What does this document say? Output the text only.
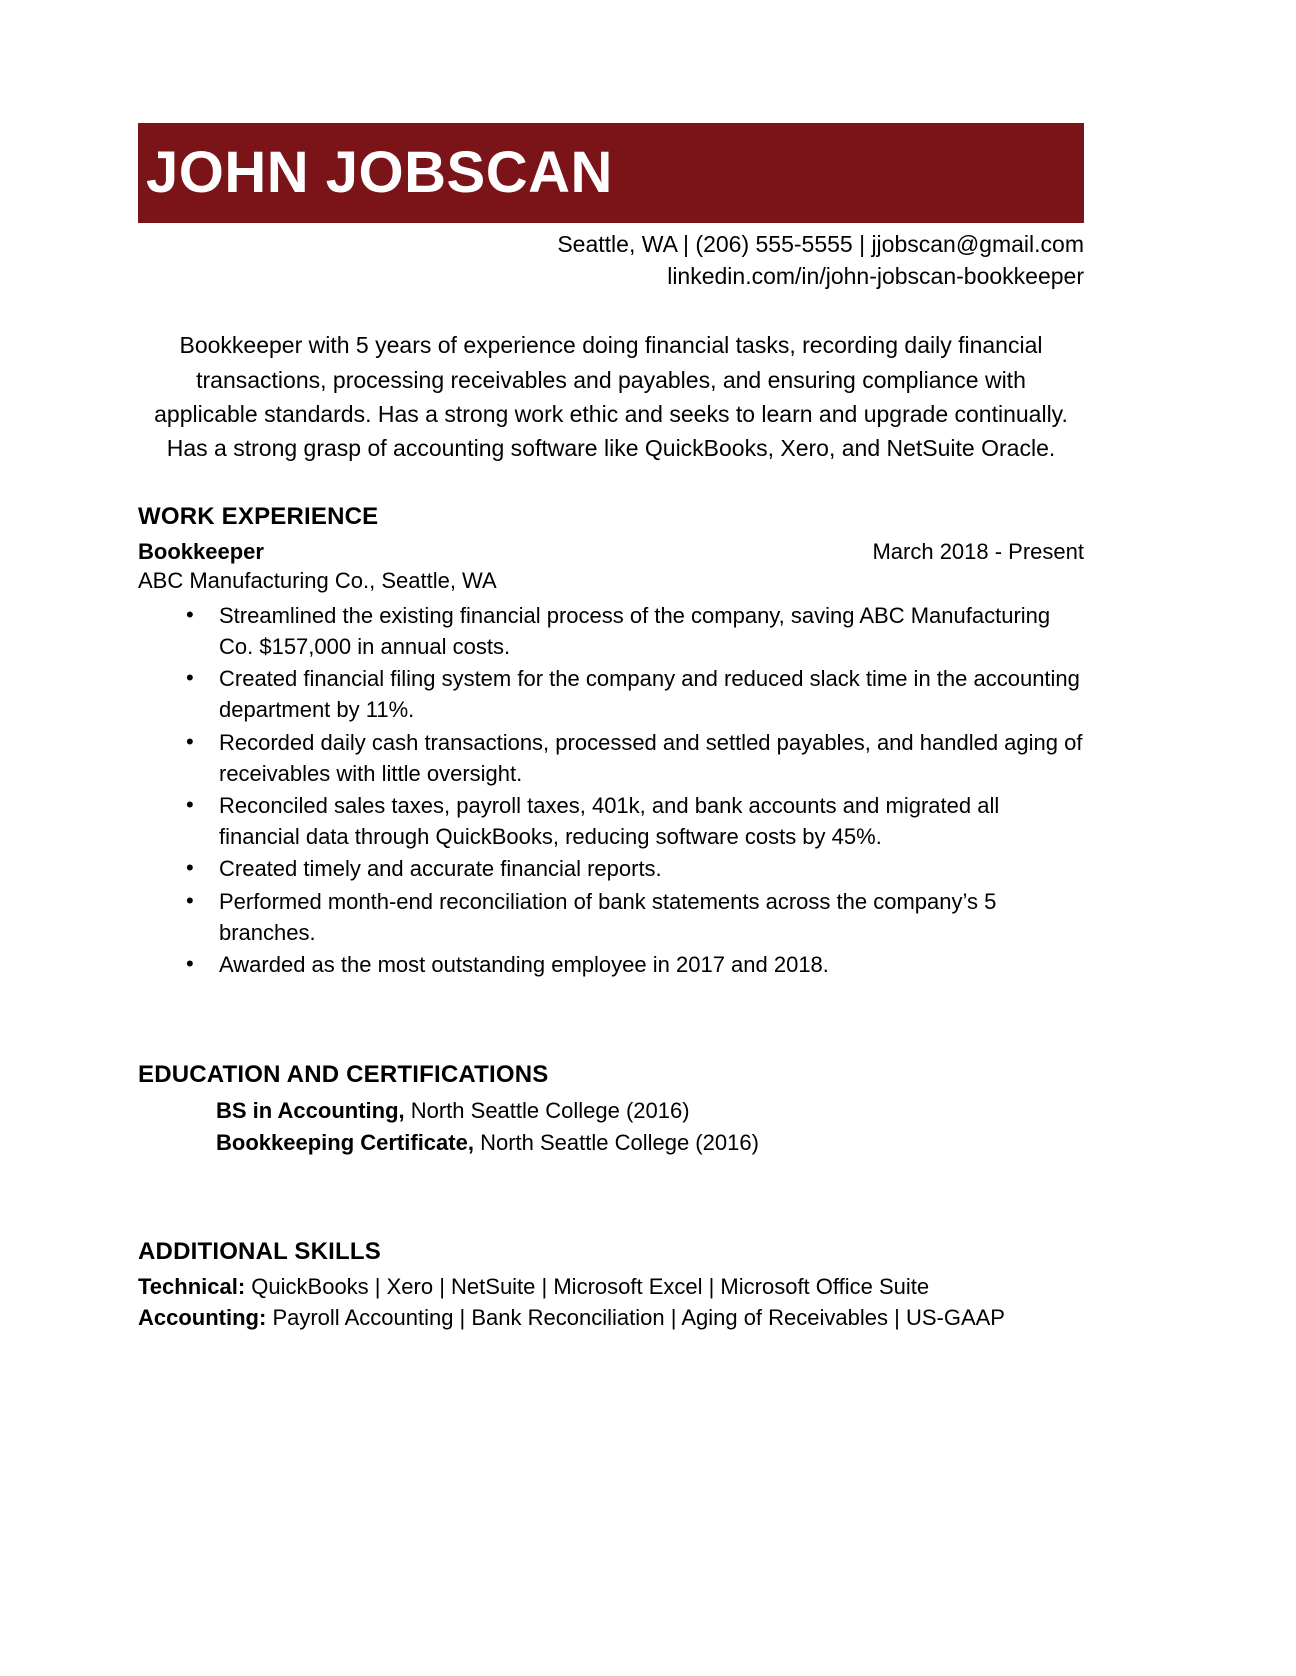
JOHN JOBSCAN
Seattle, WA | (206) 555-5555 | jjobscan@gmail.com
linkedin.com/in/john-jobscan-bookkeeper
Bookkeeper with 5 years of experience doing financial tasks, recording daily financial transactions, processing receivables and payables, and ensuring compliance with applicable standards. Has a strong work ethic and seeks to learn and upgrade continually. Has a strong grasp of accounting software like QuickBooks, Xero, and NetSuite Oracle.
WORK EXPERIENCE
Bookkeeper	March 2018 - Present
ABC Manufacturing Co., Seattle, WA
• Streamlined the existing financial process of the company, saving ABC Manufacturing Co. $157,000 in annual costs.
• Created financial filing system for the company and reduced slack time in the accounting department by 11%.
• Recorded daily cash transactions, processed and settled payables, and handled aging of receivables with little oversight.
• Reconciled sales taxes, payroll taxes, 401k, and bank accounts and migrated all financial data through QuickBooks, reducing software costs by 45%.
• Created timely and accurate financial reports.
• Performed month-end reconciliation of bank statements across the company’s 5 branches.
• Awarded as the most outstanding employee in 2017 and 2018.
EDUCATION AND CERTIFICATIONS
BS in Accounting, North Seattle College (2016)
Bookkeeping Certificate, North Seattle College (2016)
ADDITIONAL SKILLS
Technical: QuickBooks | Xero | NetSuite | Microsoft Excel | Microsoft Office Suite
Accounting: Payroll Accounting | Bank Reconciliation | Aging of Receivables | US-GAAP
